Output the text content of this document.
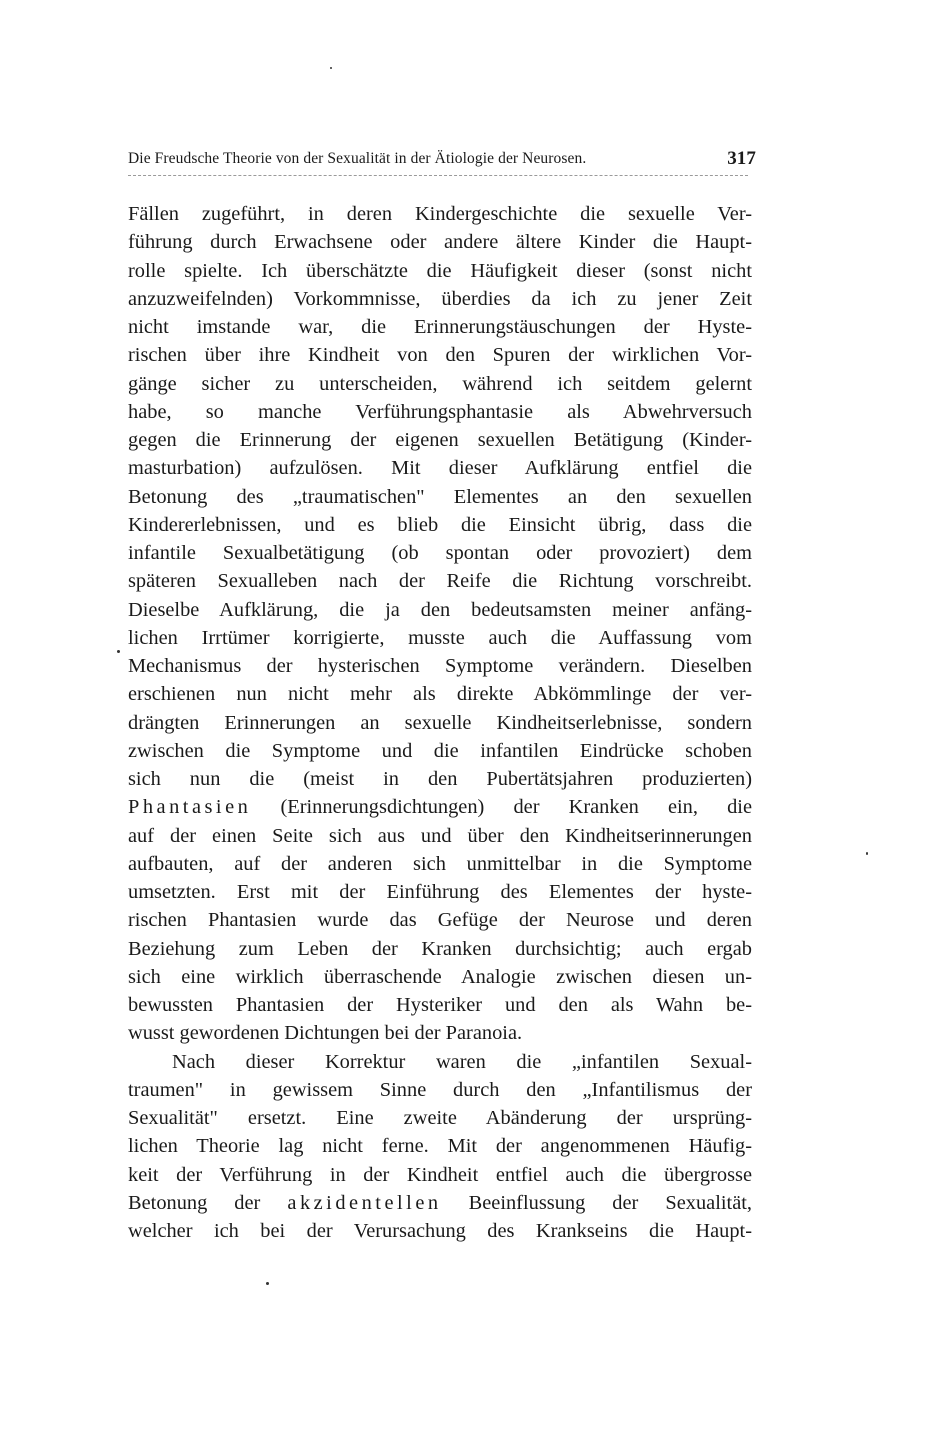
Die Freudsche Theorie von der Sexualität in der Ätiologie der Neurosen.	317
Fällen zugeführt, in deren Kindergeschichte die sexuelle Ver-
führung durch Erwachsene oder andere ältere Kinder die Haupt-
rolle spielte. Ich überschätzte die Häufigkeit dieser (sonst nicht
anzuzweifelnden) Vorkommnisse, überdies da ich zu jener Zeit
nicht imstande war, die Erinnerungstäuschungen der Hyste-
rischen über ihre Kindheit von den Spuren der wirklichen Vor-
gänge sicher zu unterscheiden, während ich seitdem gelernt
habe, so manche Verführungsphantasie als Abwehrversuch
gegen die Erinnerung der eigenen sexuellen Betätigung (Kinder-
masturbation) aufzulösen. Mit dieser Aufklärung entfiel die
Betonung des „traumatischen" Elementes an den sexuellen
Kindererlebnissen, und es blieb die Einsicht übrig, dass die
infantile Sexualbetätigung (ob spontan oder provoziert) dem
späteren Sexualleben nach der Reife die Richtung vorschreibt.
Dieselbe Aufklärung, die ja den bedeutsamsten meiner anfäng-
lichen Irrtümer korrigierte, musste auch die Auffassung vom
Mechanismus der hysterischen Symptome verändern. Dieselben
erschienen nun nicht mehr als direkte Abkömmlinge der ver-
drängten Erinnerungen an sexuelle Kindheitserlebnisse, sondern
zwischen die Symptome und die infantilen Eindrücke schoben
sich nun die (meist in den Pubertätsjahren produzierten)
Phantasien (Erinnerungsdichtungen) der Kranken ein, die
auf der einen Seite sich aus und über den Kindheitserinnerungen
aufbauten, auf der anderen sich unmittelbar in die Symptome
umsetzten. Erst mit der Einführung des Elementes der hyste-
rischen Phantasien wurde das Gefüge der Neurose und deren
Beziehung zum Leben der Kranken durchsichtig; auch ergab
sich eine wirklich überraschende Analogie zwischen diesen un-
bewussten Phantasien der Hysteriker und den als Wahn be-
wusst gewordenen Dichtungen bei der Paranoia.
Nach dieser Korrektur waren die „infantilen Sexual-
traumen" in gewissem Sinne durch den „Infantilismus der
Sexualität" ersetzt. Eine zweite Abänderung der ursprüng-
lichen Theorie lag nicht ferne. Mit der angenommenen Häufig-
keit der Verführung in der Kindheit entfiel auch die übergrosse
Betonung der akzidentellen Beeinflussung der Sexualität,
welcher ich bei der Verursachung des Krankseins die Haupt-
